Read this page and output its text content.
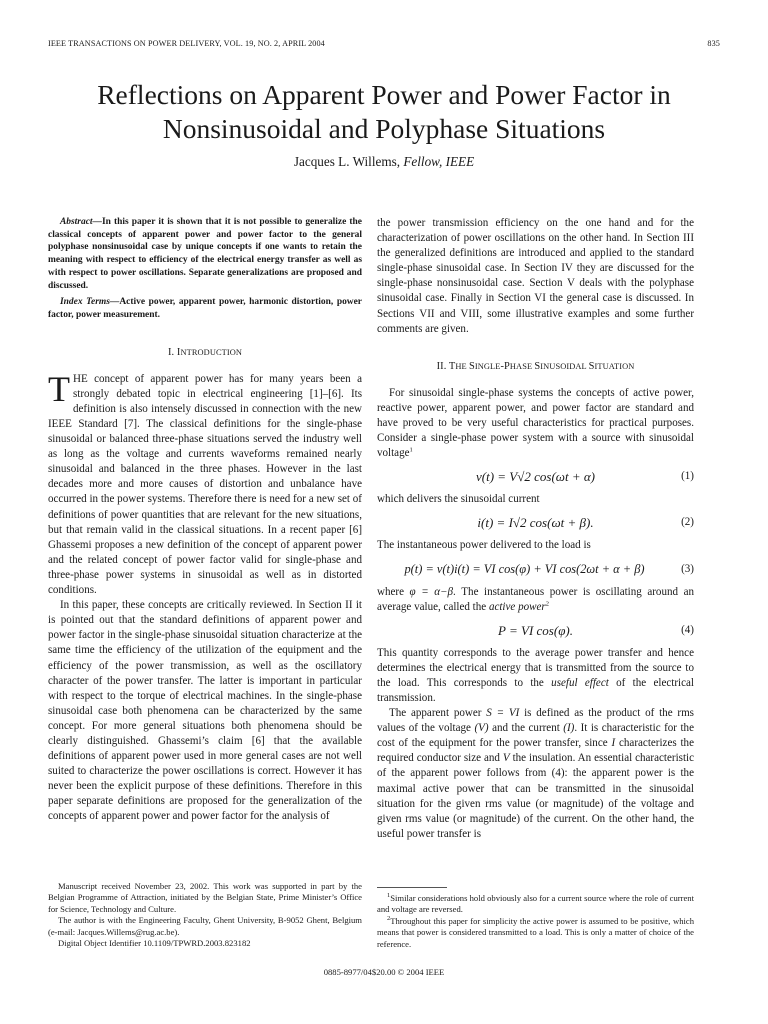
IEEE TRANSACTIONS ON POWER DELIVERY, VOL. 19, NO. 2, APRIL 2004	835
Reflections on Apparent Power and Power Factor in
Nonsinusoidal and Polyphase Situations
Jacques L. Willems, Fellow, IEEE

Abstract—In this paper it is shown that it is not possible to generalize the classical concepts of apparent power and power factor to the general polyphase nonsinusoidal case by unique concepts if one wants to retain the meaning with respect to efficiency of the electrical energy transfer as well as with respect to power oscillations. Separate generalizations are proposed and discussed.

Index Terms—Active power, apparent power, harmonic distortion, power factor, power measurement.

I. INTRODUCTION

THE concept of apparent power has for many years been a strongly debated topic in electrical engineering [1]–[6]. Its definition is also intensely discussed in connection with the new IEEE Standard [7]. The classical definitions for the single-phase sinusoidal or balanced three-phase situations served the industry well as long as the voltage and currents waveforms remained nearly sinusoidal and balanced in the three phases. However in the last decades more and more causes of distortion and unbalance have occurred in the power systems. Therefore there is need for a new set of definitions of power quantities that are relevant for the new situations, but that remain valid in the classical situations. In a recent paper [6] Ghassemi proposes a new definition of the concept of apparent power and the related concept of power factor valid for single-phase and three-phase power systems in sinusoidal as well as in distorted conditions.

In this paper, these concepts are critically reviewed. In Section II it is pointed out that the standard definitions of apparent power and power factor in the single-phase sinusoidal situation characterize at the same time the efficiency of the utilization of the equipment and the efficiency of the power transmission, as well as the oscillatory character of the power transfer. The latter is important in particular with respect to the torque of electrical machines. In the single-phase sinusoidal case both phenomena can be characterized by the same concept. For more general situations both phenomena should be clearly distinguished. Ghassemi’s claim [6] that the available definitions of apparent power used in more general cases are not well suited to characterize the power oscillations is correct. However it has never been the explicit purpose of these definitions. Therefore in this paper separate definitions are proposed for the generalization of the concepts of apparent power and power factor for the analysis of

the power transmission efficiency on the one hand and for the characterization of power oscillations on the other hand. In Section III the generalized definitions are introduced and applied to the standard single-phase sinusoidal case. In Section IV they are discussed for the single-phase nonsinusoidal case. Section V deals with the polyphase sinusoidal case. Finally in Section VI the general case is discussed. In Sections VII and VIII, some illustrative examples and some further comments are given.

II. THE SINGLE-PHASE SINUSOIDAL SITUATION

For sinusoidal single-phase systems the concepts of active power, reactive power, apparent power, and power factor are standard and have proved to be very useful characteristics for practical purposes. Consider a single-phase power system with a source with sinusoidal voltage$^1$

v(t) = V√2 cos(ωt + α)	(1)

which delivers the sinusoidal current

i(t) = I√2 cos(ωt + β).	(2)

The instantaneous power delivered to the load is

p(t) = v(t)i(t) = VI cos(φ) + VI cos(2ωt + α + β)	(3)

where φ = α−β. The instantaneous power is oscillating around an average value, called the active power$^2$

P = VI cos(φ).	(4)

This quantity corresponds to the average power transfer and hence determines the electrical energy that is transmitted from the source to the load. This corresponds to the useful effect of the electrical transmission.

The apparent power S = VI is defined as the product of the rms values of the voltage (V) and the current (I). It is characteristic for the cost of the equipment for the power transfer, since I characterizes the required conductor size and V the insulation. An essential characteristic of the apparent power follows from (4): the apparent power is the maximal active power that can be transmitted in the sinusoidal situation for the given rms value (or magnitude) of the voltage and given rms value (or magnitude) of the current. On the other hand, the useful power transfer is

Manuscript received November 23, 2002. This work was supported in part by the Belgian Programme of Attraction, initiated by the Belgian State, Prime Minister’s Office for Science, Technology and Culture.

The author is with the Engineering Faculty, Ghent University, B-9052 Ghent, Belgium (e-mail: Jacques.Willems@rug.ac.be).

Digital Object Identifier 10.1109/TPWRD.2003.823182

$^1$Similar considerations hold obviously also for a current source where the role of current and voltage are reversed.

$^2$Throughout this paper for simplicity the active power is assumed to be positive, which means that power is considered transmitted to a load. This is only a matter of choice of the reference.

0885-8977/04$20.00 © 2004 IEEE
